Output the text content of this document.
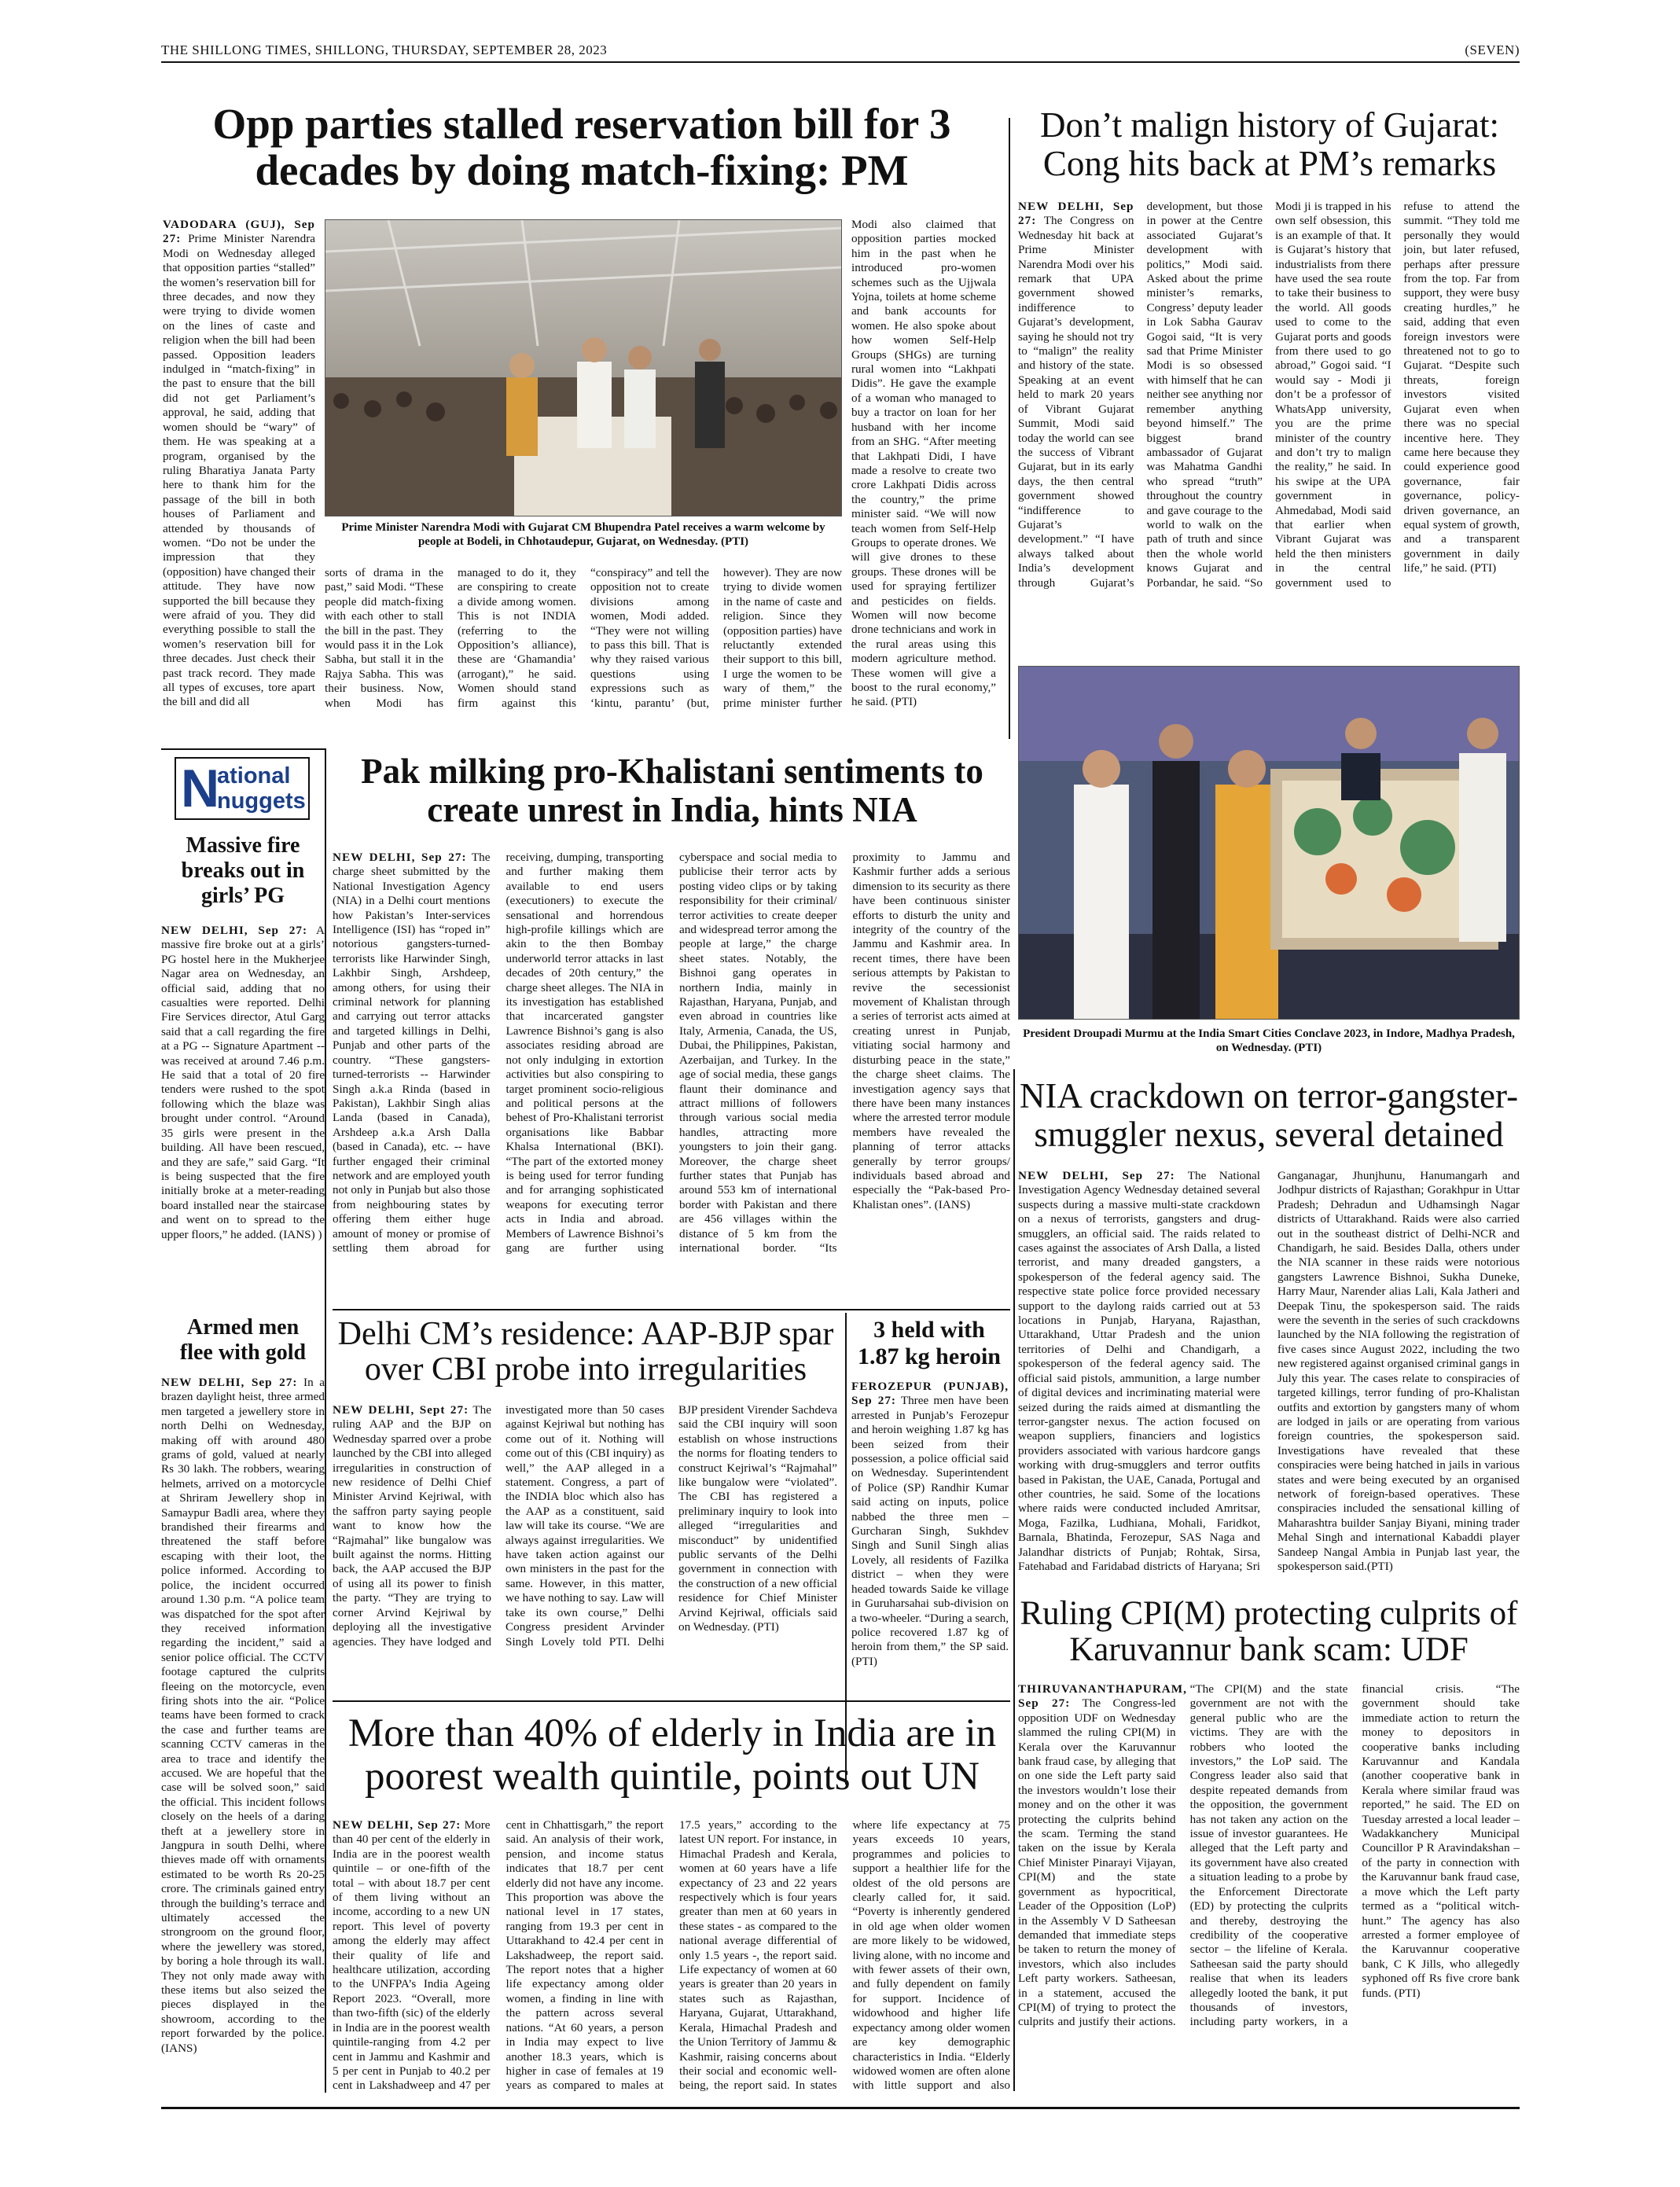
THE SHILLONG TIMES, SHILLONG, THURSDAY, SEPTEMBER 28, 2023	(SEVEN)
Opp parties stalled reservation bill for 3 decades by doing match-fixing: PM
VADODARA (GUJ), Sep 27: Prime Minister Narendra Modi on Wednesday alleged that opposition parties “stalled” the women’s reservation bill for three decades, and now they were trying to divide women on the lines of caste and religion when the bill had been passed. Opposition leaders indulged in “match-fixing” in the past to ensure that the bill did not get Parliament’s approval, he said, adding that women should be “wary” of them. He was speaking at a program, organised by the ruling Bharatiya Janata Party here to thank him for the passage of the bill in both houses of Parliament and attended by thousands of women. “Do not be under the impression that they (opposition) have changed their attitude. They have now supported the bill because they were afraid of you. They did everything possible to stall the women’s reservation bill for three decades. Just check their past track record. They made all types of excuses, tore apart the bill and did all
Prime Minister Narendra Modi with Gujarat CM Bhupendra Patel receives a warm welcome by people at Bodeli, in Chhotaudepur, Gujarat, on Wednesday. (PTI)
sorts of drama in the past,” said Modi. “These people did match-fixing with each other to stall the bill in the past. They would pass it in the Lok Sabha, but stall it in the Rajya Sabha. This was their business. Now, when Modi has managed to do it, they are conspiring to create a divide among women. This is not INDIA (referring to the Opposition’s alliance), these are ‘Ghamandia’ (arrogant),” he said. Women should stand firm against this “conspiracy” and tell the opposition not to create divisions among women, Modi added. “They were not willing to pass this bill. That is why they raised various questions using expressions such as ‘kintu, parantu’ (but, however). They are now trying to divide women in the name of caste and religion. Since they (opposition parties) have reluctantly extended their support to this bill, I urge the women to be wary of them,” the prime minister further
Modi also claimed that opposition parties mocked him in the past when he introduced pro-women schemes such as the Ujjwala Yojna, toilets at home scheme and bank accounts for women. He also spoke about how women Self-Help Groups (SHGs) are turning rural women into “Lakhpati Didis”. He gave the example of a woman who managed to buy a tractor on loan for her husband with her income from an SHG. “After meeting that Lakhpati Didi, I have made a resolve to create two crore Lakhpati Didis across the country,” the prime minister said. “We will now teach women from Self-Help Groups to operate drones. We will give drones to these groups. These drones will be used for spraying fertilizer and pesticides on fields. Women will now become drone technicians and work in the rural areas using this modern agriculture method. These women will give a boost to the rural economy,” he said. (PTI)
Don’t malign history of Gujarat: Cong hits back at PM’s remarks
NEW DELHI, Sep 27: The Congress on Wednesday hit back at Prime Minister Narendra Modi over his remark that UPA government showed indifference to Gujarat’s development, saying he should not try to “malign” the reality and history of the state. Speaking at an event held to mark 20 years of Vibrant Gujarat Summit, Modi said today the world can see the success of Vibrant Gujarat, but in its early days, the then central government showed “indifference to Gujarat’s development.” “I have always talked about India’s development through Gujarat’s development, but those in power at the Centre associated Gujarat’s development with politics,” Modi said. Asked about the prime minister’s remarks, Congress’ deputy leader in Lok Sabha Gaurav Gogoi said, “It is very sad that Prime Minister Modi is so obsessed with himself that he can neither see anything nor remember anything beyond himself.” The biggest brand ambassador of Gujarat was Mahatma Gandhi who spread “truth” throughout the country and gave courage to the world to walk on the path of truth and since then the whole world knows Gujarat and Porbandar, he said. “So Modi ji is trapped in his own self obsession, this is an example of that. It is Gujarat’s history that industrialists from there have used the sea route to take their business to the world. All goods used to come to the Gujarat ports and goods from there used to go abroad,” Gogoi said. “I would say - Modi ji don’t be a professor of WhatsApp university, you are the prime minister of the country and don’t try to malign the reality,” he said. In his swipe at the UPA government in Ahmedabad, Modi said that earlier when Vibrant Gujarat was held the then ministers in the central government used to refuse to attend the summit. “They told me personally they would join, but later refused, perhaps after pressure from the top. Far from support, they were busy creating hurdles,” he said, adding that even foreign investors were threatened not to go to Gujarat. “Despite such threats, foreign investors visited Gujarat even when there was no special incentive here. They came here because they could experience good governance, fair governance, policy-driven governance, an equal system of growth, and a transparent government in daily life,” he said. (PTI)
President Droupadi Murmu at the India Smart Cities Conclave 2023, in Indore, Madhya Pradesh, on Wednesday. (PTI)
N
ational
nuggets
Massive fire breaks out in girls’ PG
NEW DELHI, Sep 27: A massive fire broke out at a girls’ PG hostel here in the Mukherjee Nagar area on Wednesday, an official said, adding that no casualties were reported. Delhi Fire Services director, Atul Garg said that a call regarding the fire at a PG -- Signature Apartment -- was received at around 7.46 p.m. He said that a total of 20 fire tenders were rushed to the spot following which the blaze was brought under control. “Around 35 girls were present in the building. All have been rescued, and they are safe,” said Garg. “It is being suspected that the fire initially broke at a meter-reading board installed near the staircase and went on to spread to the upper floors,” he added. (IANS) )
Armed men flee with gold
NEW DELHI, Sep 27: In a brazen daylight heist, three armed men targeted a jewellery store in north Delhi on Wednesday, making off with around 480 grams of gold, valued at nearly Rs 30 lakh. The robbers, wearing helmets, arrived on a motorcycle at Shriram Jewellery shop in Samaypur Badli area, where they brandished their firearms and threatened the staff before escaping with their loot, the police informed. According to police, the incident occurred around 1.30 p.m. “A police team was dispatched for the spot after they received information regarding the incident,” said a senior police official. The CCTV footage captured the culprits fleeing on the motorcycle, even firing shots into the air. “Police teams have been formed to crack the case and further teams are scanning CCTV cameras in the area to trace and identify the accused. We are hopeful that the case will be solved soon,” said the official. This incident follows closely on the heels of a daring theft at a jewellery store in Jangpura in south Delhi, where thieves made off with ornaments estimated to be worth Rs 20-25 crore. The criminals gained entry through the building’s terrace and ultimately accessed the strongroom on the ground floor, where the jewellery was stored, by boring a hole through its wall. They not only made away with these items but also seized the pieces displayed in the showroom, according to the report forwarded by the police. (IANS)
Pak milking pro-Khalistani sentiments to create unrest in India, hints NIA
NEW DELHI, Sep 27: The charge sheet submitted by the National Investigation Agency (NIA) in a Delhi court mentions how Pakistan’s Inter-services Intelligence (ISI) has “roped in” notorious gangsters-turned-terrorists like Harwinder Singh, Lakhbir Singh, Arshdeep, among others, for using their criminal network for planning and carrying out terror attacks and targeted killings in Delhi, Punjab and other parts of the country. “These gangsters-turned-terrorists -- Harwinder Singh a.k.a Rinda (based in Pakistan), Lakhbir Singh alias Landa (based in Canada), Arshdeep a.k.a Arsh Dalla (based in Canada), etc. -- have further engaged their criminal network and are employed youth not only in Punjab but also those from neighbouring states by offering them either huge amount of money or promise of settling them abroad for receiving, dumping, transporting and further making them available to end users (executioners) to execute the sensational and horrendous high-profile killings which are akin to the then Bombay underworld terror attacks in last decades of 20th century,” the charge sheet alleges. The NIA in its investigation has established that incarcerated gangster Lawrence Bishnoi’s gang is also associates residing abroad are not only indulging in extortion activities but also conspiring to target prominent socio-religious and political persons at the behest of Pro-Khalistani terrorist organisations like Babbar Khalsa International (BKI). “The part of the extorted money is being used for terror funding and for arranging sophisticated weapons for executing terror acts in India and abroad. Members of Lawrence Bishnoi’s gang are further using cyberspace and social media to publicise their terror acts by posting video clips or by taking responsibility for their criminal/ terror activities to create deeper and widespread terror among the people at large,” the charge sheet states. Notably, the Bishnoi gang operates in northern India, mainly in Rajasthan, Haryana, Punjab, and even abroad in countries like Italy, Armenia, Canada, the US, Dubai, the Philippines, Pakistan, Azerbaijan, and Turkey. In the age of social media, these gangs flaunt their dominance and attract millions of followers through various social media handles, attracting more youngsters to join their gang. Moreover, the charge sheet further states that Punjab has around 553 km of international border with Pakistan and there are 456 villages within the distance of 5 km from the international border. “Its proximity to Jammu and Kashmir further adds a serious dimension to its security as there have been continuous sinister efforts to disturb the unity and integrity of the country of the Jammu and Kashmir area. In recent times, there have been serious attempts by Pakistan to revive the secessionist movement of Khalistan through a series of terrorist acts aimed at creating unrest in Punjab, vitiating social harmony and disturbing peace in the state,” the charge sheet claims. The investigation agency says that there have been many instances where the arrested terror module members have revealed the planning of terror attacks generally by terror groups/ individuals based abroad and especially the “Pak-based Pro-Khalistan ones”. (IANS)
NIA crackdown on terror-gangster-smuggler nexus, several detained
NEW DELHI, Sep 27: The National Investigation Agency Wednesday detained several suspects during a massive multi-state crackdown on a nexus of terrorists, gangsters and drug-smugglers, an official said. The raids related to cases against the associates of Arsh Dalla, a listed terrorist, and many dreaded gangsters, a spokesperson of the federal agency said. The respective state police force provided necessary support to the daylong raids carried out at 53 locations in Punjab, Haryana, Rajasthan, Uttarakhand, Uttar Pradesh and the union territories of Delhi and Chandigarh, a spokesperson of the federal agency said. The official said pistols, ammunition, a large number of digital devices and incriminating material were seized during the raids aimed at dismantling the terror-gangster nexus. The action focused on weapon suppliers, financiers and logistics providers associated with various hardcore gangs working with drug-smugglers and terror outfits based in Pakistan, the UAE, Canada, Portugal and other countries, he said. Some of the locations where raids were conducted included Amritsar, Moga, Fazilka, Ludhiana, Mohali, Faridkot, Barnala, Bhatinda, Ferozepur, SAS Naga and Jalandhar districts of Punjab; Rohtak, Sirsa, Fatehabad and Faridabad districts of Haryana; Sri Ganganagar, Jhunjhunu, Hanumangarh and Jodhpur districts of Rajasthan; Gorakhpur in Uttar Pradesh; Dehradun and Udhamsingh Nagar districts of Uttarakhand. Raids were also carried out in the southeast district of Delhi-NCR and Chandigarh, he said. Besides Dalla, others under the NIA scanner in these raids were notorious gangsters Lawrence Bishnoi, Sukha Duneke, Harry Maur, Narender alias Lali, Kala Jatheri and Deepak Tinu, the spokesperson said. The raids were the seventh in the series of such crackdowns launched by the NIA following the registration of five cases since August 2022, including the two new registered against organised criminal gangs in July this year. The cases relate to conspiracies of targeted killings, terror funding of pro-Khalistan outfits and extortion by gangsters many of whom are lodged in jails or are operating from various foreign countries, the spokesperson said. Investigations have revealed that these conspiracies were being hatched in jails in various states and were being executed by an organised network of foreign-based operatives. These conspiracies included the sensational killing of Maharashtra builder Sanjay Biyani, mining trader Mehal Singh and international Kabaddi player Sandeep Nangal Ambia in Punjab last year, the spokesperson said.(PTI)
Delhi CM’s residence: AAP-BJP spar over CBI probe into irregularities
NEW DELHI, Sept 27: The ruling AAP and the BJP on Wednesday sparred over a probe launched by the CBI into alleged irregularities in construction of new residence of Delhi Chief Minister Arvind Kejriwal, with the saffron party saying people want to know how the “Rajmahal” like bungalow was built against the norms. Hitting back, the AAP accused the BJP of using all its power to finish the party. “They are trying to corner Arvind Kejriwal by deploying all the investigative agencies. They have lodged and investigated more than 50 cases against Kejriwal but nothing has come out of it. Nothing will come out of this (CBI inquiry) as well,” the AAP alleged in a statement. Congress, a part of the INDIA bloc which also has the AAP as a constituent, said law will take its course. “We are always against irregularities. We have taken action against our own ministers in the past for the same. However, in this matter, we have nothing to say. Law will take its own course,” Delhi Congress president Arvinder Singh Lovely told PTI. Delhi BJP president Virender Sachdeva said the CBI inquiry will soon establish on whose instructions the norms for floating tenders to construct Kejriwal’s “Rajmahal” like bungalow were “violated”. The CBI has registered a preliminary inquiry to look into alleged “irregularities and misconduct” by unidentified public servants of the Delhi government in connection with the construction of a new official residence for Chief Minister Arvind Kejriwal, officials said on Wednesday. (PTI)
3 held with 1.87 kg heroin
FEROZEPUR (PUNJAB), Sep 27: Three men have been arrested in Punjab’s Ferozepur and heroin weighing 1.87 kg has been seized from their possession, a police official said on Wednesday. Superintendent of Police (SP) Randhir Kumar said acting on inputs, police nabbed the three men – Gurcharan Singh, Sukhdev Singh and Sunil Singh alias Lovely, all residents of Fazilka district – when they were headed towards Saide ke village in Guruharsahai sub-division on a two-wheeler. “During a search, police recovered 1.87 kg of heroin from them,” the SP said. (PTI)
More than 40% of elderly in India are in poorest wealth quintile, points out UN
NEW DELHI, Sep 27: More than 40 per cent of the elderly in India are in the poorest wealth quintile – or one-fifth of the total – with about 18.7 per cent of them living without an income, according to a new UN report. This level of poverty among the elderly may affect their quality of life and healthcare utilization, according to the UNFPA’s India Ageing Report 2023. “Overall, more than two-fifth (sic) of the elderly in India are in the poorest wealth quintile-ranging from 4.2 per cent in Jammu and Kashmir and 5 per cent in Punjab to 40.2 per cent in Lakshadweep and 47 per cent in Chhattisgarh,” the report said. An analysis of their work, pension, and income status indicates that 18.7 per cent elderly did not have any income. This proportion was above the national level in 17 states, ranging from 19.3 per cent in Uttarakhand to 42.4 per cent in Lakshadweep, the report said. The report notes that a higher life expectancy among older women, a finding in line with the pattern across several nations. “At 60 years, a person in India may expect to live another 18.3 years, which is higher in case of females at 19 years as compared to males at 17.5 years,” according to the latest UN report. For instance, in Himachal Pradesh and Kerala, women at 60 years have a life expectancy of 23 and 22 years respectively which is four years greater than men at 60 years in these states - as compared to the national average differential of only 1.5 years -, the report said. Life expectancy of women at 60 years is greater than 20 years in states such as Rajasthan, Haryana, Gujarat, Uttarakhand, Kerala, Himachal Pradesh and the Union Territory of Jammu & Kashmir, raising concerns about their social and economic well-being, the report said. In states where life expectancy at 75 years exceeds 10 years, programmes and policies to support a healthier life for the oldest of the old persons are clearly called for, it said. “Poverty is inherently gendered in old age when older women are more likely to be widowed, living alone, with no income and with fewer assets of their own, and fully dependent on family for support. Incidence of widowhood and higher life expectancy among older women are key demographic characteristics in India. “Elderly widowed women are often alone with little support and also
Ruling CPI(M) protecting culprits of Karuvannur bank scam: UDF
THIRUVANANTHAPURAM, Sep 27: The Congress-led opposition UDF on Wednesday slammed the ruling CPI(M) in Kerala over the Karuvannur bank fraud case, by alleging that on one side the Left party said the investors wouldn’t lose their money and on the other it was protecting the culprits behind the scam. Terming the stand taken on the issue by Kerala Chief Minister Pinarayi Vijayan, CPI(M) and the state government as hypocritical, Leader of the Opposition (LoP) in the Assembly V D Satheesan demanded that immediate steps be taken to return the money of investors, which also includes Left party workers. Satheesan, in a statement, accused the CPI(M) of trying to protect the culprits and justify their actions. “The CPI(M) and the state government are not with the general public who are the victims. They are with the robbers who looted the investors,” the LoP said. The Congress leader also said that despite repeated demands from the opposition, the government has not taken any action on the issue of investor guarantees. He alleged that the Left party and its government have also created a situation leading to a probe by the Enforcement Directorate (ED) by protecting the culprits and thereby, destroying the credibility of the cooperative sector – the lifeline of Kerala. Satheesan said the party should realise that when its leaders allegedly looted the bank, it put thousands of investors, including party workers, in a financial crisis. “The government should take immediate action to return the money to depositors in cooperative banks including Karuvannur and Kandala (another cooperative bank in Kerala where similar fraud was reported,” he said. The ED on Tuesday arrested a local leader – Wadakkanchery Municipal Councillor P R Aravindakshan – of the party in connection with the Karuvannur bank fraud case, a move which the Left party termed as a “political witch-hunt.” The agency has also arrested a former employee of the Karuvannur cooperative bank, C K Jills, who allegedly syphoned off Rs five crore bank funds. (PTI)
